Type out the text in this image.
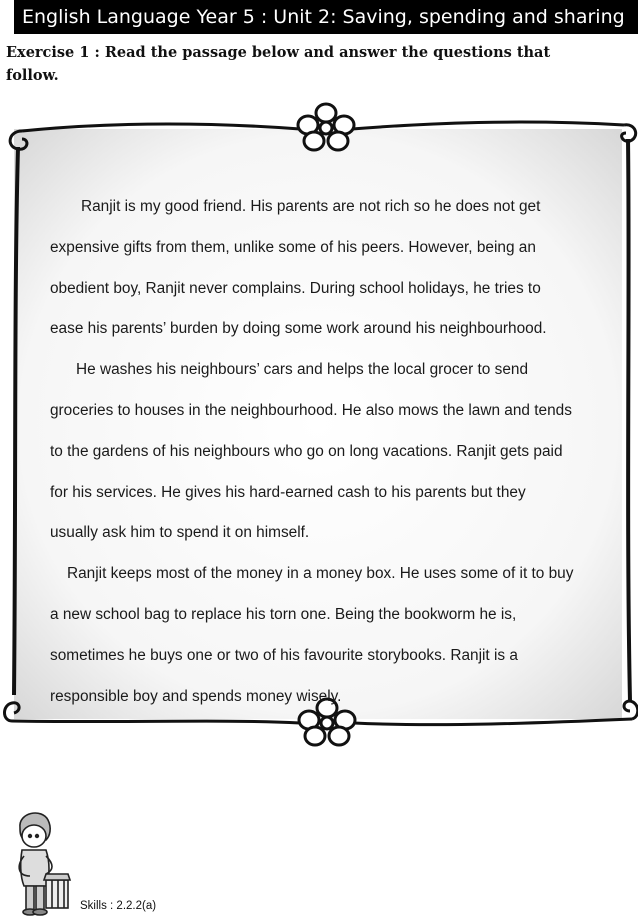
English Language Year 5 : Unit 2: Saving, spending and sharing
Exercise 1 : Read the passage below and answer the questions that follow.
Ranjit is my good friend. His parents are not rich so he does not get
expensive gifts from them, unlike some of his peers. However, being an
obedient boy, Ranjit never complains. During school holidays, he tries to
ease his parents’ burden by doing some work around his neighbourhood.
He washes his neighbours’ cars and helps the local grocer to send
groceries to houses in the neighbourhood. He also mows the lawn and tends
to the gardens of his neighbours who go on long vacations. Ranjit gets paid
for his services. He gives his hard-earned cash to his parents but they
usually ask him to spend it on himself.
Ranjit keeps most of the money in a money box. He uses some of it to buy
a new school bag to replace his torn one. Being the bookworm he is,
sometimes he buys one or two of his favourite storybooks. Ranjit is a
responsible boy and spends money wisely.
Skills : 2.2.2(a)
